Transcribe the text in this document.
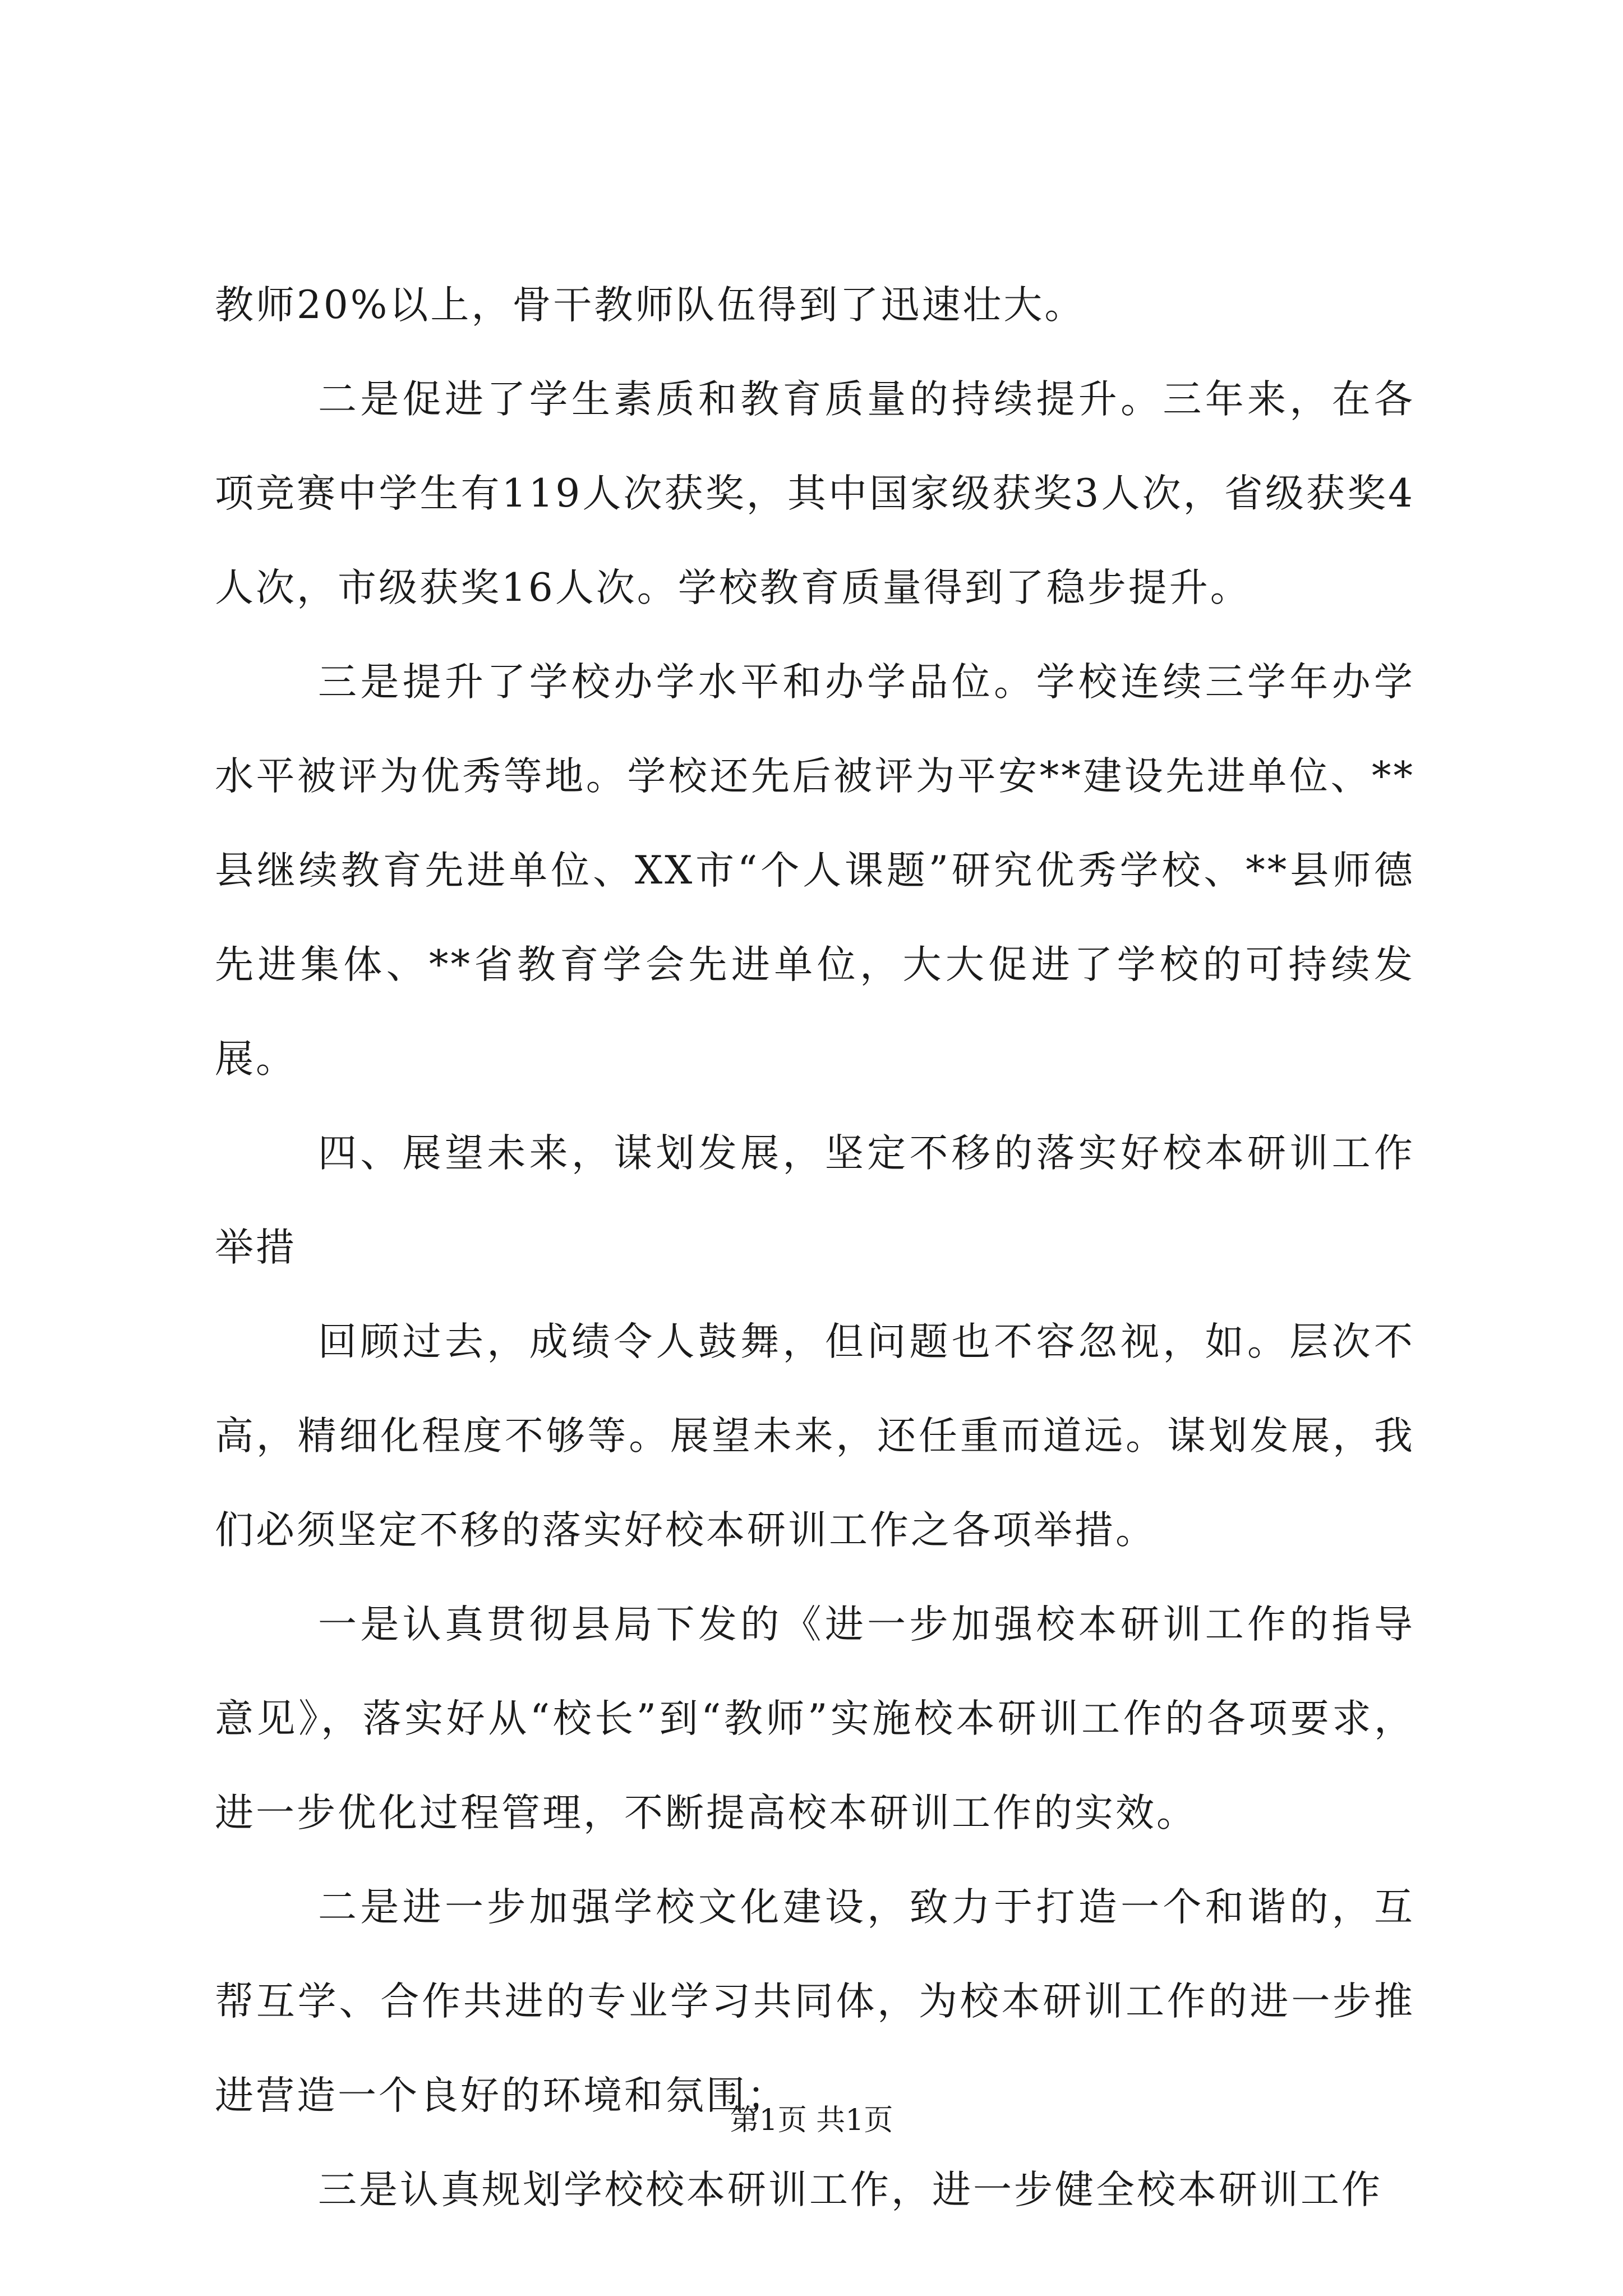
教师20%以上，骨干教师队伍得到了迅速壮大。

二是促进了学生素质和教育质量的持续提升。三年来，在各项竞赛中学生有119人次获奖，其中国家级获奖3人次，省级获奖4人次，市级获奖16人次。学校教育质量得到了稳步提升。

三是提升了学校办学水平和办学品位。学校连续三学年办学水平被评为优秀等地。学校还先后被评为平安**建设先进单位、**县继续教育先进单位、XX市“个人课题”研究优秀学校、**县师德先进集体、**省教育学会先进单位，大大促进了学校的可持续发展。

四、展望未来，谋划发展，坚定不移的落实好校本研训工作举措

回顾过去，成绩令人鼓舞，但问题也不容忽视，如。层次不高，精细化程度不够等。展望未来，还任重而道远。谋划发展，我们必须坚定不移的落实好校本研训工作之各项举措。

一是认真贯彻县局下发的《进一步加强校本研训工作的指导意见》，落实好从“校长”到“教师”实施校本研训工作的各项要求，进一步优化过程管理，不断提高校本研训工作的实效。

二是进一步加强学校文化建设，致力于打造一个和谐的，互帮互学、合作共进的专业学习共同体，为校本研训工作的进一步推进营造一个良好的环境和氛围；

三是认真规划学校校本研训工作，进一步健全校本研训工作

第1页 共1页
